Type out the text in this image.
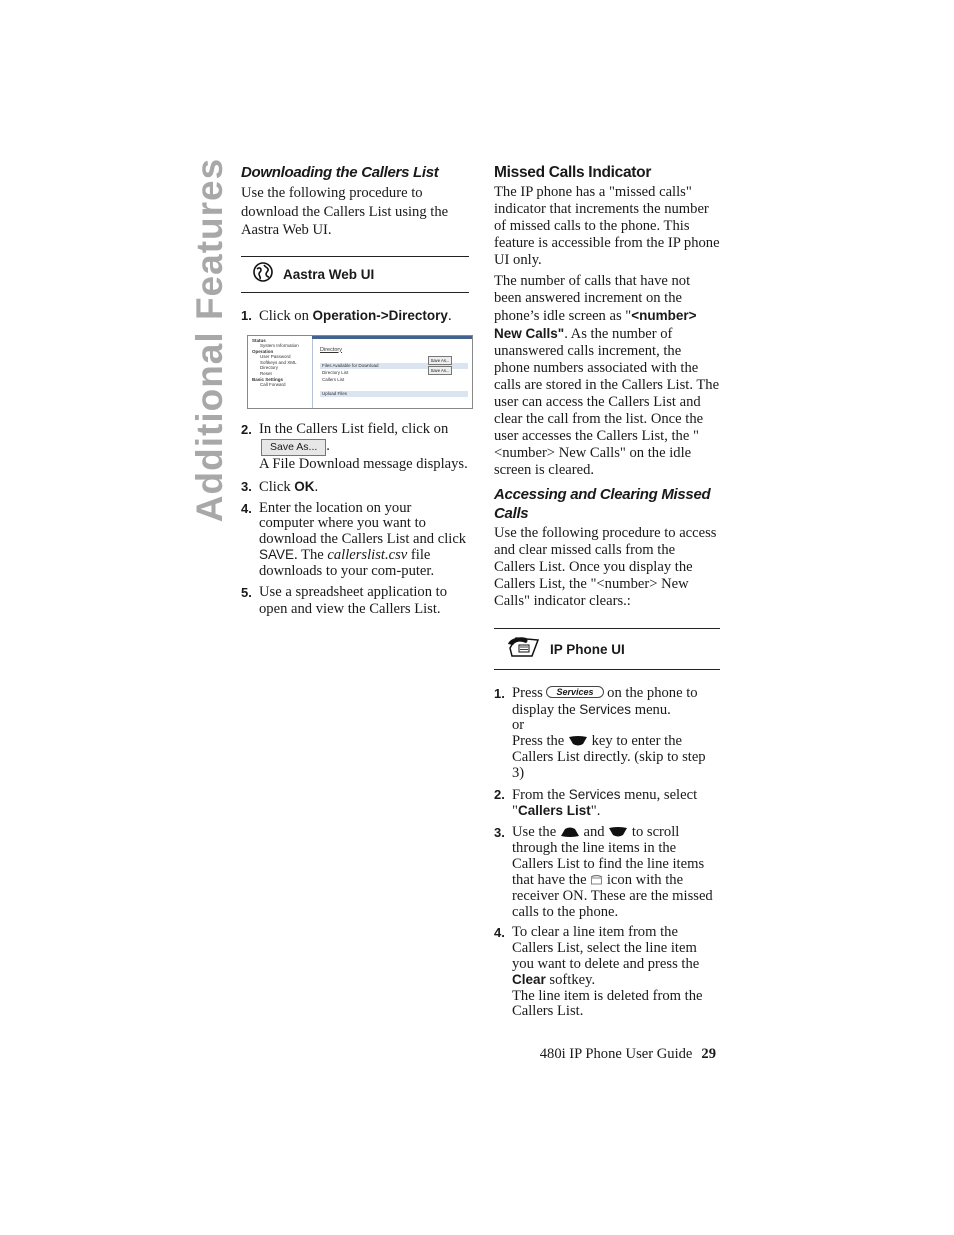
Additional Features Downloading the Callers List

Use the following procedure to download the Callers List using the Aastra Web UI.

Aastra Web UI
1. Click on Operation->Directory.
Status
System Information
Operation
User Password
Softkeys and XML
Directory
Reset
Basic Settings
Call Forward
Directory
Files Available for Download
Directory List
Callers List
Upload Files
Save As...
Save As...
2. In the Callers List field, click on
Save As... .
A File Download message displays.
3. Click OK.
4. Enter the location on your computer where you want to download the Callers List and click SAVE. The callerslist.csv file downloads to your com-puter.
5. Use a spreadsheet application to open and view the Callers List.
Missed Calls Indicator

The IP phone has a "missed calls" indicator that increments the number of missed calls to the phone. This feature is accessible from the IP phone UI only.

The number of calls that have not been answered increment on the phone’s idle screen as "<number> New Calls". As the number of unanswered calls increment, the phone numbers associated with the calls are stored in the Callers List. The user can access the Callers List and clear the call from the list. Once the user accesses the Callers List, the "<number> New Calls" on the idle screen is cleared.

Accessing and Clearing Missed Calls

Use the following procedure to access and clear missed calls from the Callers List. Once you display the Callers List, the "<number> New Calls" indicator clears.:

IP Phone UI
1. Press Services on the phone to display the Services menu.
or
Press the key to enter the Callers List directly. (skip to step 3)
2. From the Services menu, select "Callers List".
3. Use the and to scroll through the line items in the Callers List to find the line items that have the icon with the receiver ON. These are the missed calls to the phone.
4. To clear a line item from the Callers List, select the line item you want to delete and press the Clear softkey.
The line item is deleted from the Callers List.
480i IP Phone User Guide 29
